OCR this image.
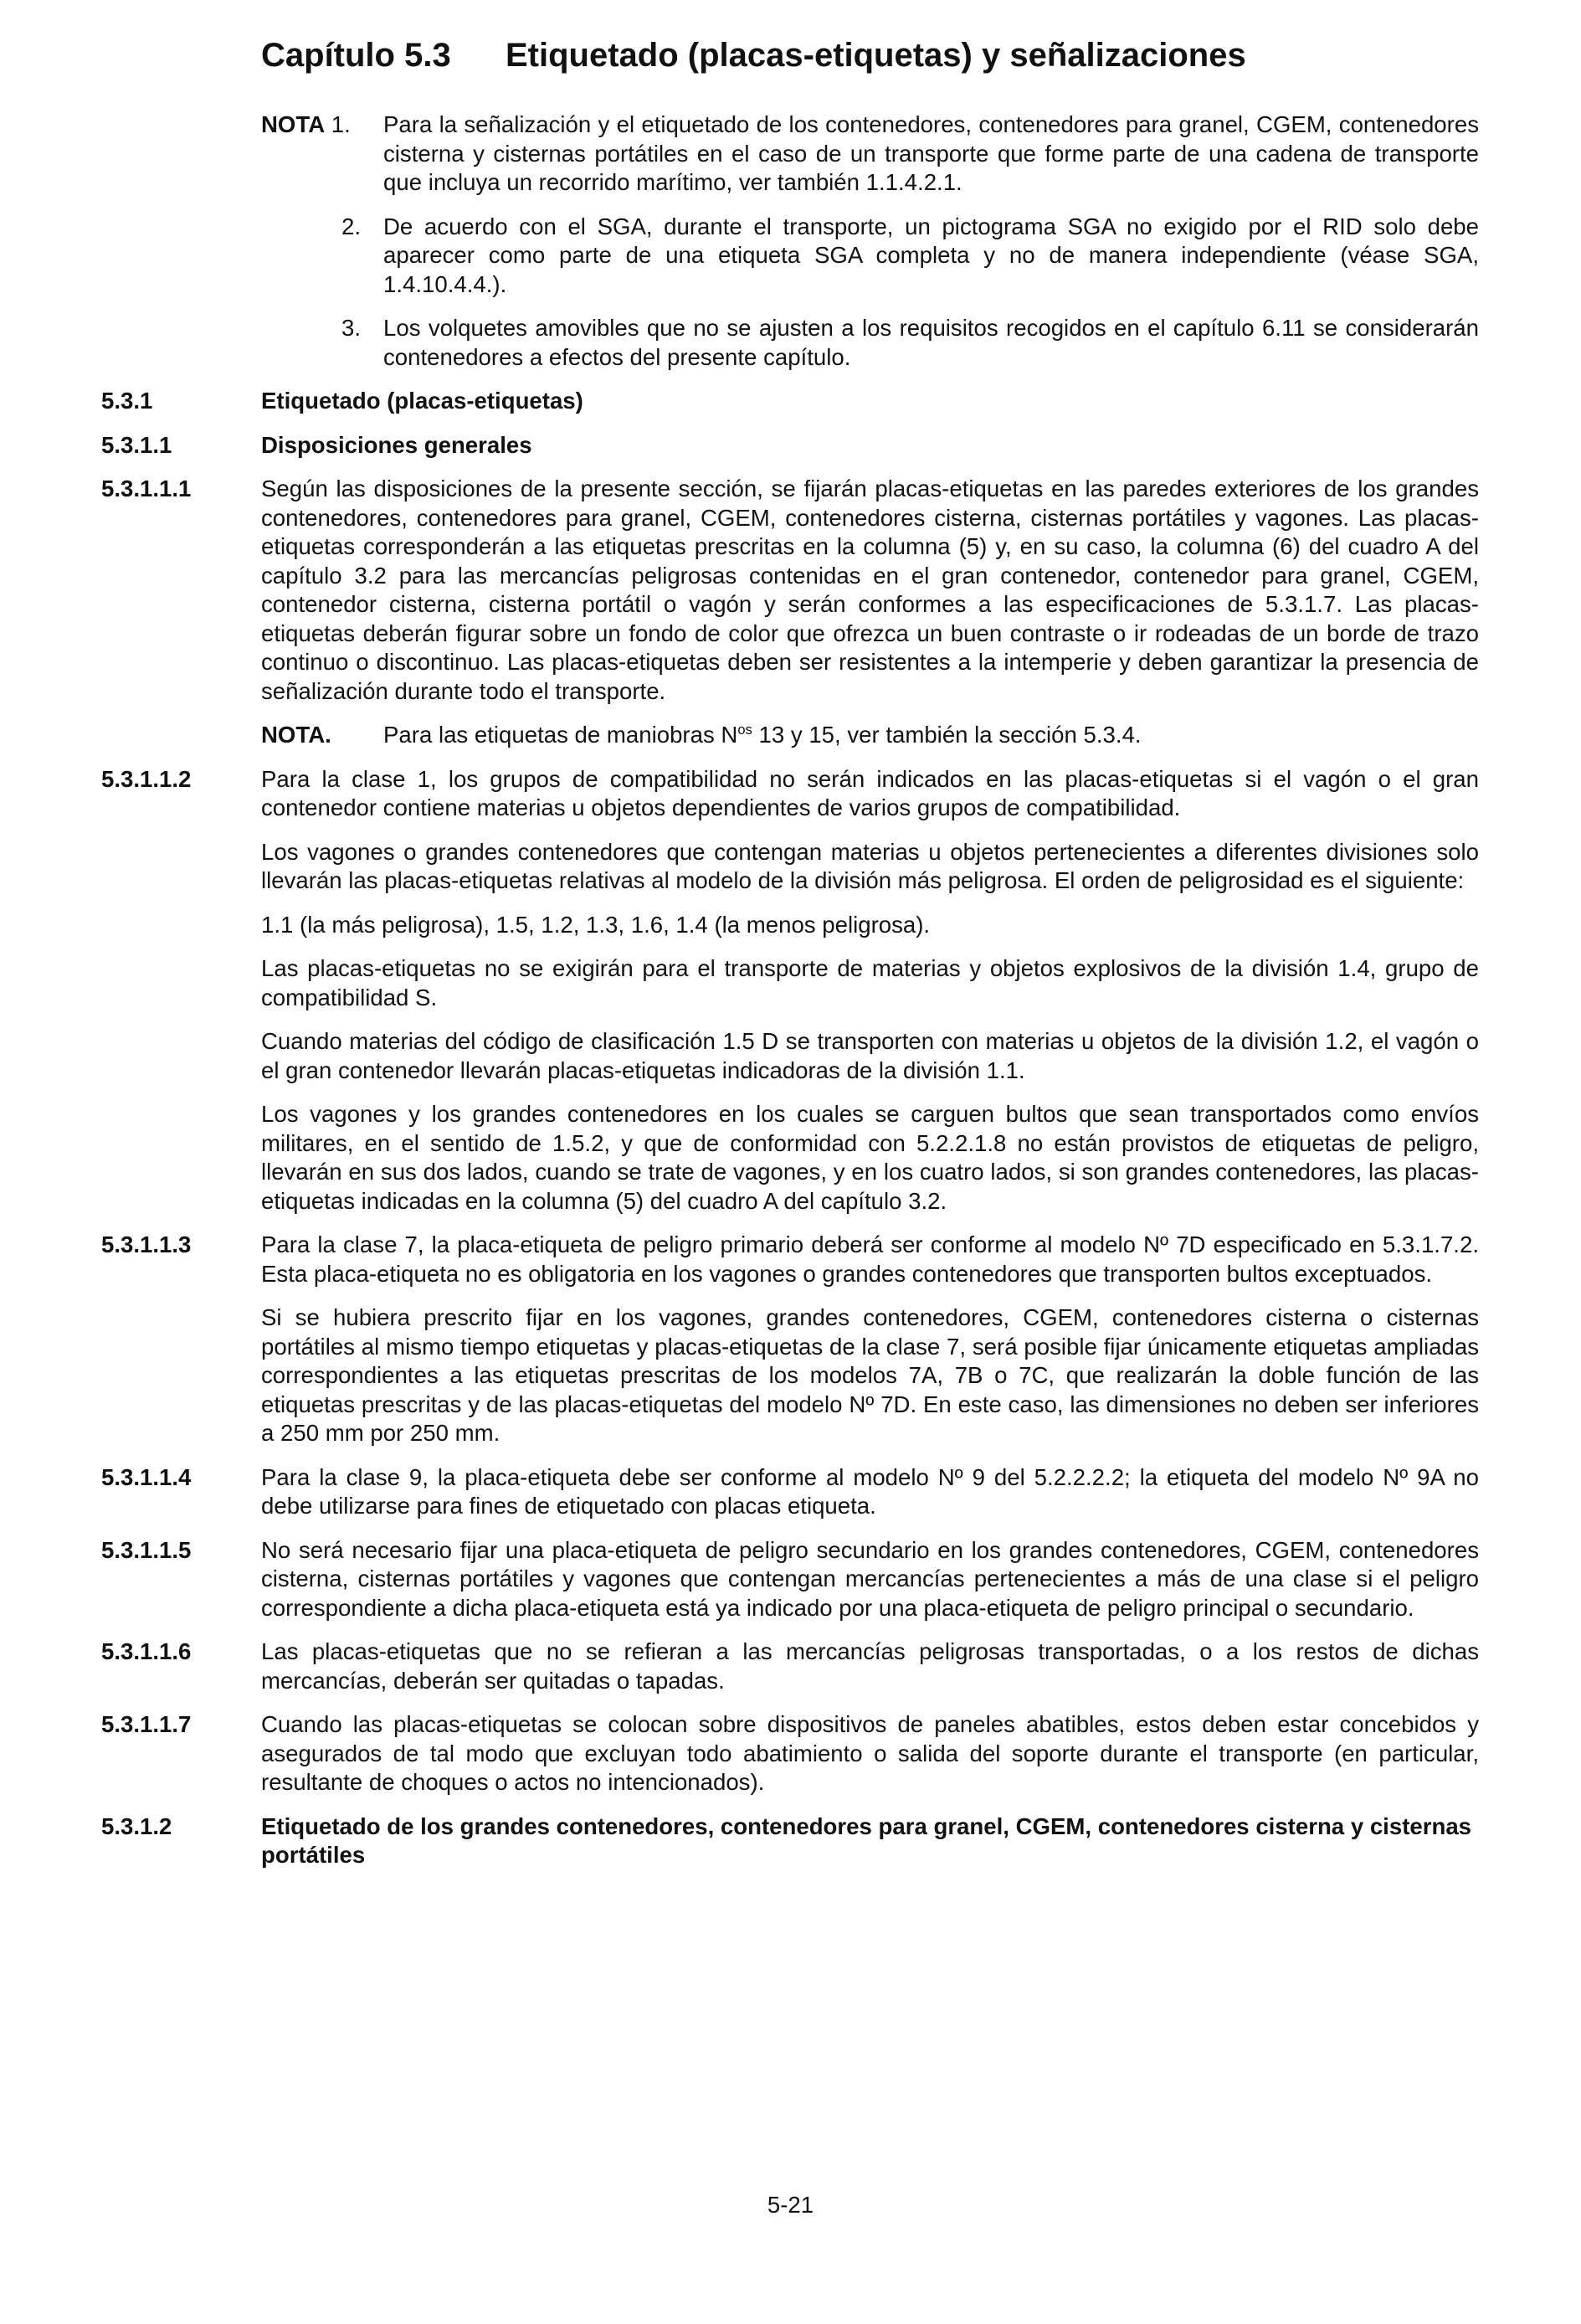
Capítulo 5.3 Etiquetado (placas-etiquetas) y señalizaciones
NOTA 1. Para la señalización y el etiquetado de los contenedores, contenedores para granel, CGEM, contenedores cisterna y cisternas portátiles en el caso de un transporte que forme parte de una cadena de transporte que incluya un recorrido marítimo, ver también 1.1.4.2.1.
2. De acuerdo con el SGA, durante el transporte, un pictograma SGA no exigido por el RID solo debe aparecer como parte de una etiqueta SGA completa y no de manera independiente (véase SGA, 1.4.10.4.4.).
3. Los volquetes amovibles que no se ajusten a los requisitos recogidos en el capítulo 6.11 se considerarán contenedores a efectos del presente capítulo.
5.3.1	Etiquetado (placas-etiquetas)
5.3.1.1	Disposiciones generales
5.3.1.1.1	Según las disposiciones de la presente sección, se fijarán placas-etiquetas en las paredes exteriores de los grandes contenedores, contenedores para granel, CGEM, contenedores cisterna, cisternas portátiles y vagones. Las placas-etiquetas corresponderán a las etiquetas prescritas en la columna (5) y, en su caso, la columna (6) del cuadro A del capítulo 3.2 para las mercancías peligrosas contenidas en el gran contenedor, contenedor para granel, CGEM, contenedor cisterna, cisterna portátil o vagón y serán conformes a las especificaciones de 5.3.1.7. Las placas-etiquetas deberán figurar sobre un fondo de color que ofrezca un buen contraste o ir rodeadas de un borde de trazo continuo o discontinuo. Las placas-etiquetas deben ser resistentes a la intemperie y deben garantizar la presencia de señalización durante todo el transporte.

NOTA. Para las etiquetas de maniobras $N^{os}$ 13 y 15, ver también la sección 5.3.4.
5.3.1.1.2	Para la clase 1, los grupos de compatibilidad no serán indicados en las placas-etiquetas si el vagón o el gran contenedor contiene materias u objetos dependientes de varios grupos de compatibilidad.

Los vagones o grandes contenedores que contengan materias u objetos pertenecientes a diferentes divisiones solo llevarán las placas-etiquetas relativas al modelo de la división más peligrosa. El orden de peligrosidad es el siguiente:

1.1 (la más peligrosa), 1.5, 1.2, 1.3, 1.6, 1.4 (la menos peligrosa).

Las placas-etiquetas no se exigirán para el transporte de materias y objetos explosivos de la división 1.4, grupo de compatibilidad S.

Cuando materias del código de clasificación 1.5 D se transporten con materias u objetos de la división 1.2, el vagón o el gran contenedor llevarán placas-etiquetas indicadoras de la división 1.1.

Los vagones y los grandes contenedores en los cuales se carguen bultos que sean transportados como envíos militares, en el sentido de 1.5.2, y que de conformidad con 5.2.2.1.8 no están provistos de etiquetas de peligro, llevarán en sus dos lados, cuando se trate de vagones, y en los cuatro lados, si son grandes contenedores, las placas-etiquetas indicadas en la columna (5) del cuadro A del capítulo 3.2.

5.3.1.1.3	Para la clase 7, la placa-etiqueta de peligro primario deberá ser conforme al modelo Nº 7D especificado en 5.3.1.7.2. Esta placa-etiqueta no es obligatoria en los vagones o grandes contenedores que transporten bultos exceptuados.

Si se hubiera prescrito fijar en los vagones, grandes contenedores, CGEM, contenedores cisterna o cisternas portátiles al mismo tiempo etiquetas y placas-etiquetas de la clase 7, será posible fijar únicamente etiquetas ampliadas correspondientes a las etiquetas prescritas de los modelos 7A, 7B o 7C, que realizarán la doble función de las etiquetas prescritas y de las placas-etiquetas del modelo Nº 7D. En este caso, las dimensiones no deben ser inferiores a 250 mm por 250 mm.

5.3.1.1.4	Para la clase 9, la placa-etiqueta debe ser conforme al modelo Nº 9 del 5.2.2.2.2; la etiqueta del modelo Nº 9A no debe utilizarse para fines de etiquetado con placas etiqueta.
5.3.1.1.5	No será necesario fijar una placa-etiqueta de peligro secundario en los grandes contenedores, CGEM, contenedores cisterna, cisternas portátiles y vagones que contengan mercancías pertenecientes a más de una clase si el peligro correspondiente a dicha placa-etiqueta está ya indicado por una placa-etiqueta de peligro principal o secundario.
5.3.1.1.6	Las placas-etiquetas que no se refieran a las mercancías peligrosas transportadas, o a los restos de dichas mercancías, deberán ser quitadas o tapadas.
5.3.1.1.7	Cuando las placas-etiquetas se colocan sobre dispositivos de paneles abatibles, estos deben estar concebidos y asegurados de tal modo que excluyan todo abatimiento o salida del soporte durante el transporte (en particular, resultante de choques o actos no intencionados).
5.3.1.2	Etiquetado de los grandes contenedores, contenedores para granel, CGEM, contenedores cisterna y cisternas portátiles
5-21
